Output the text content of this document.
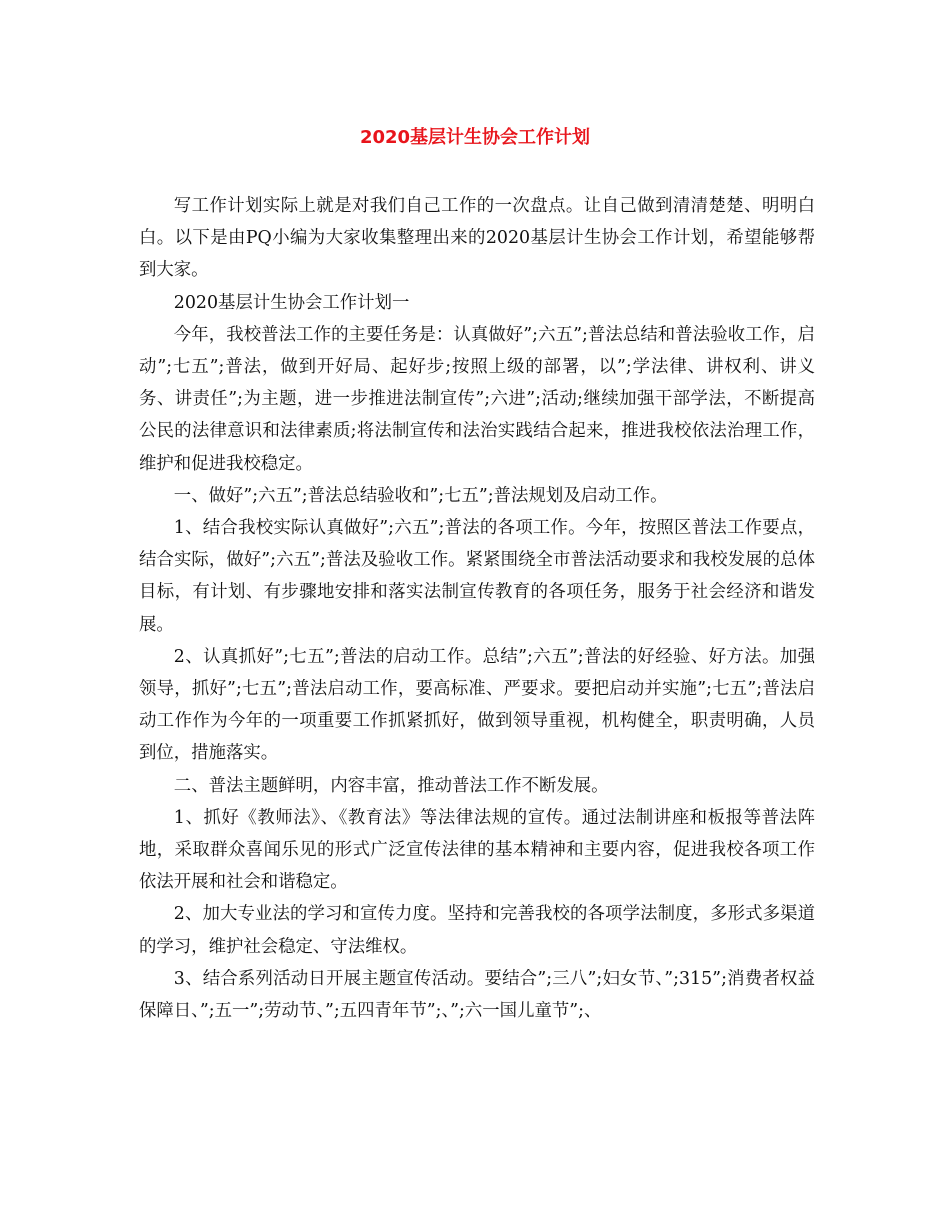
2020基层计生协会工作计划

写工作计划实际上就是对我们自己工作的一次盘点。让自己做到清清楚楚、明明白白。以下是由PQ小编为大家收集整理出来的2020基层计生协会工作计划，希望能够帮到大家。

2020基层计生协会工作计划一

今年，我校普法工作的主要任务是：认真做好”;六五”;普法总结和普法验收工作，启动”;七五”;普法，做到开好局、起好步;按照上级的部署，以”;学法律、讲权利、讲义务、讲责任”;为主题，进一步推进法制宣传”;六进”;活动;继续加强干部学法，不断提高公民的法律意识和法律素质;将法制宣传和法治实践结合起来，推进我校依法治理工作，维护和促进我校稳定。

一、做好”;六五”;普法总结验收和”;七五”;普法规划及启动工作。

1、结合我校实际认真做好”;六五”;普法的各项工作。今年，按照区普法工作要点，结合实际，做好”;六五”;普法及验收工作。紧紧围绕全市普法活动要求和我校发展的总体目标，有计划、有步骤地安排和落实法制宣传教育的各项任务，服务于社会经济和谐发展。

2、认真抓好”;七五”;普法的启动工作。总结”;六五”;普法的好经验、好方法。加强领导，抓好”;七五”;普法启动工作，要高标准、严要求。要把启动并实施”;七五”;普法启动工作作为今年的一项重要工作抓紧抓好，做到领导重视，机构健全，职责明确，人员到位，措施落实。

二、普法主题鲜明，内容丰富，推动普法工作不断发展。

1、抓好《教师法》、《教育法》等法律法规的宣传。通过法制讲座和板报等普法阵地，采取群众喜闻乐见的形式广泛宣传法律的基本精神和主要内容，促进我校各项工作依法开展和社会和谐稳定。

2、加大专业法的学习和宣传力度。坚持和完善我校的各项学法制度，多形式多渠道的学习，维护社会稳定、守法维权。

3、结合系列活动日开展主题宣传活动。要结合”;三八”;妇女节、”;315”;消费者权益保障日、”;五一”;劳动节、”;五四青年节”;、”;六一国儿童节”;、
